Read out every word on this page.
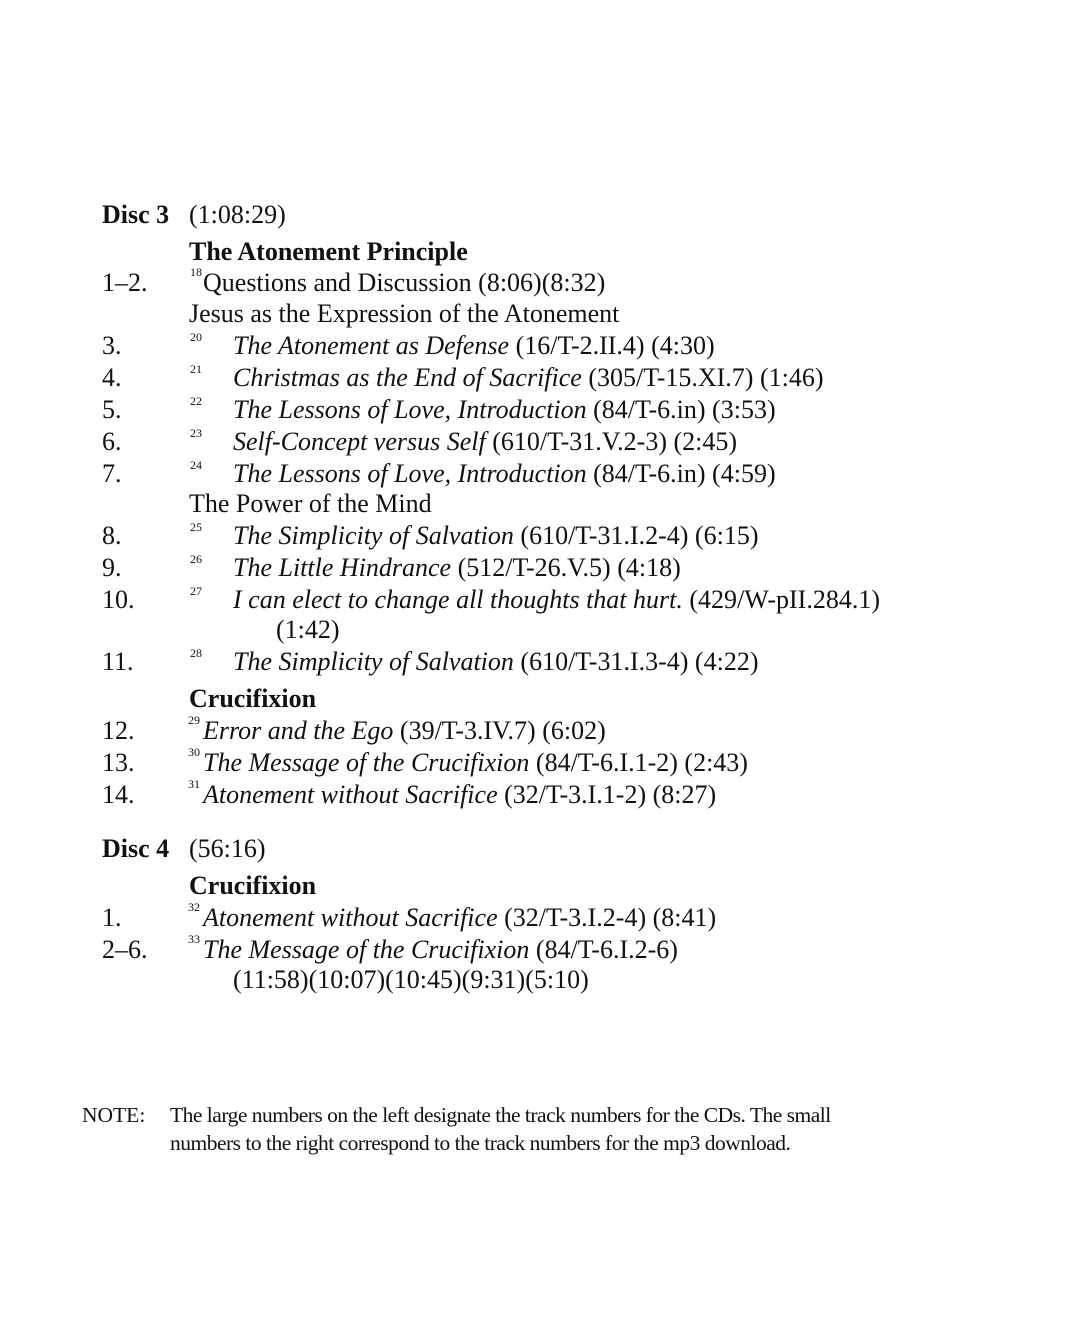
Disc 3 (1:08:29)
The Atonement Principle
1–2.	18 Questions and Discussion (8:06)(8:32)
Jesus as the Expression of the Atonement
3.	20 The Atonement as Defense (16/T-2.II.4) (4:30)
4.	21 Christmas as the End of Sacrifice (305/T-15.XI.7) (1:46)
5.	22 The Lessons of Love, Introduction (84/T-6.in) (3:53)
6.	23 Self-Concept versus Self (610/T-31.V.2-3) (2:45)
7.	24 The Lessons of Love, Introduction (84/T-6.in) (4:59)
The Power of the Mind
8.	25 The Simplicity of Salvation (610/T-31.I.2-4) (6:15)
9.	26 The Little Hindrance (512/T-26.V.5) (4:18)
10.	27 I can elect to change all thoughts that hurt. (429/W-pII.284.1)
(1:42)
11.	28 The Simplicity of Salvation (610/T-31.I.3-4) (4:22)
Crucifixion
12.	29 Error and the Ego (39/T-3.IV.7) (6:02)
13.	30 The Message of the Crucifixion (84/T-6.I.1-2) (2:43)
14.	31 Atonement without Sacrifice (32/T-3.I.1-2) (8:27)
Disc 4 (56:16)
Crucifixion
1.	32 Atonement without Sacrifice (32/T-3.I.2-4) (8:41)
2–6.	33 The Message of the Crucifixion (84/T-6.I.2-6)
(11:58)(10:07)(10:45)(9:31)(5:10)
NOTE: The large numbers on the left designate the track numbers for the CDs. The small
numbers to the right correspond to the track numbers for the mp3 download.
